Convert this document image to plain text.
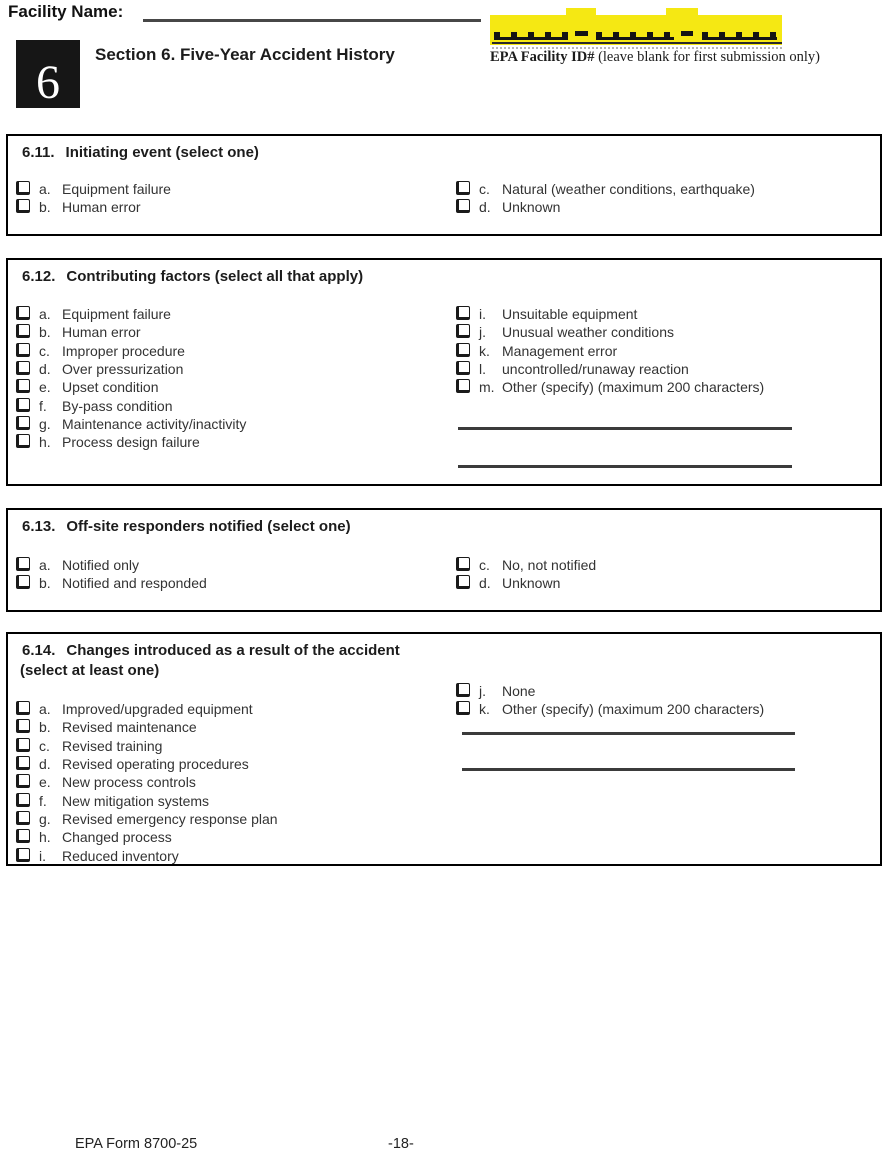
Facility Name:
6
Section 6. Five-Year Accident History	EPA Facility ID# (leave blank for first submission only)
6.11. Initiating event (select one)
a. Equipment failure
b. Human error
c. Natural (weather conditions, earthquake)
d. Unknown
6.12. Contributing factors (select all that apply)
a. Equipment failure
b. Human error
c. Improper procedure
d. Over pressurization
e. Upset condition
f.	By-pass condition
g. Maintenance activity/inactivity
h. Process design failure
i.	Unsuitable equipment
j.	Unusual weather conditions
k. Management error
l.	uncontrolled/runaway reaction
m. Other (specify) (maximum 200 characters)
6.13. Off-site responders notified (select one)
a. Notified only
b. Notified and responded
c. No, not notified
d. Unknown
6.14. Changes introduced as a result of the accident
(select at least one)
a. Improved/upgraded equipment
b. Revised maintenance
c. Revised training
d. Revised operating procedures
e. New process controls
f.	New mitigation systems
g. Revised emergency response plan
h. Changed process
i.	Reduced inventory
j.	None
k. Other (specify) (maximum 200 characters)
EPA Form 8700-25	-18-
